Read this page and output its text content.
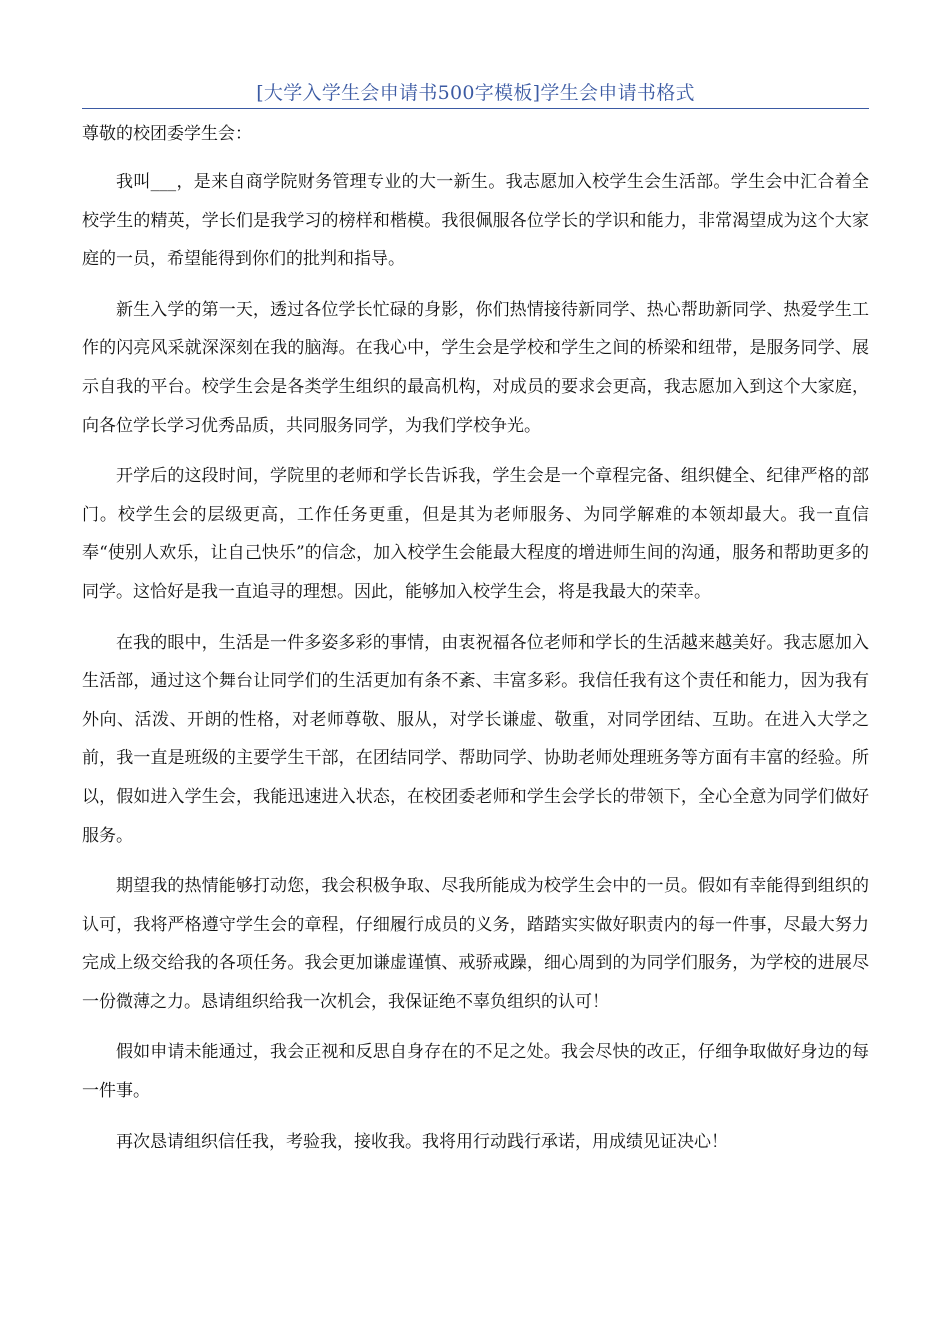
[大学入学生会申请书500字模板]学生会申请书格式
尊敬的校团委学生会：

我叫___，是来自商学院财务管理专业的大一新生。我志愿加入校学生会生活部。学生会中汇合着全校学生的精英，学长们是我学习的榜样和楷模。我很佩服各位学长的学识和能力，非常渴望成为这个大家庭的一员，希望能得到你们的批判和指导。

新生入学的第一天，透过各位学长忙碌的身影，你们热情接待新同学、热心帮助新同学、热爱学生工作的闪亮风采就深深刻在我的脑海。在我心中，学生会是学校和学生之间的桥梁和纽带，是服务同学、展示自我的平台。校学生会是各类学生组织的最高机构，对成员的要求会更高，我志愿加入到这个大家庭，向各位学长学习优秀品质，共同服务同学，为我们学校争光。

开学后的这段时间，学院里的老师和学长告诉我，学生会是一个章程完备、组织健全、纪律严格的部门。校学生会的层级更高，工作任务更重，但是其为老师服务、为同学解难的本领却最大。我一直信奉“使别人欢乐，让自己快乐”的信念，加入校学生会能最大程度的增进师生间的沟通，服务和帮助更多的同学。这恰好是我一直追寻的理想。因此，能够加入校学生会，将是我最大的荣幸。

在我的眼中，生活是一件多姿多彩的事情，由衷祝福各位老师和学长的生活越来越美好。我志愿加入生活部，通过这个舞台让同学们的生活更加有条不紊、丰富多彩。我信任我有这个责任和能力，因为我有外向、活泼、开朗的性格，对老师尊敬、服从，对学长谦虚、敬重，对同学团结、互助。在进入大学之前，我一直是班级的主要学生干部，在团结同学、帮助同学、协助老师处理班务等方面有丰富的经验。所以，假如进入学生会，我能迅速进入状态，在校团委老师和学生会学长的带领下，全心全意为同学们做好服务。

期望我的热情能够打动您，我会积极争取、尽我所能成为校学生会中的一员。假如有幸能得到组织的认可，我将严格遵守学生会的章程，仔细履行成员的义务，踏踏实实做好职责内的每一件事，尽最大努力完成上级交给我的各项任务。我会更加谦虚谨慎、戒骄戒躁，细心周到的为同学们服务，为学校的进展尽一份微薄之力。恳请组织给我一次机会，我保证绝不辜负组织的认可！

假如申请未能通过，我会正视和反思自身存在的不足之处。我会尽快的改正，仔细争取做好身边的每一件事。

再次恳请组织信任我，考验我，接收我。我将用行动践行承诺，用成绩见证决心！
